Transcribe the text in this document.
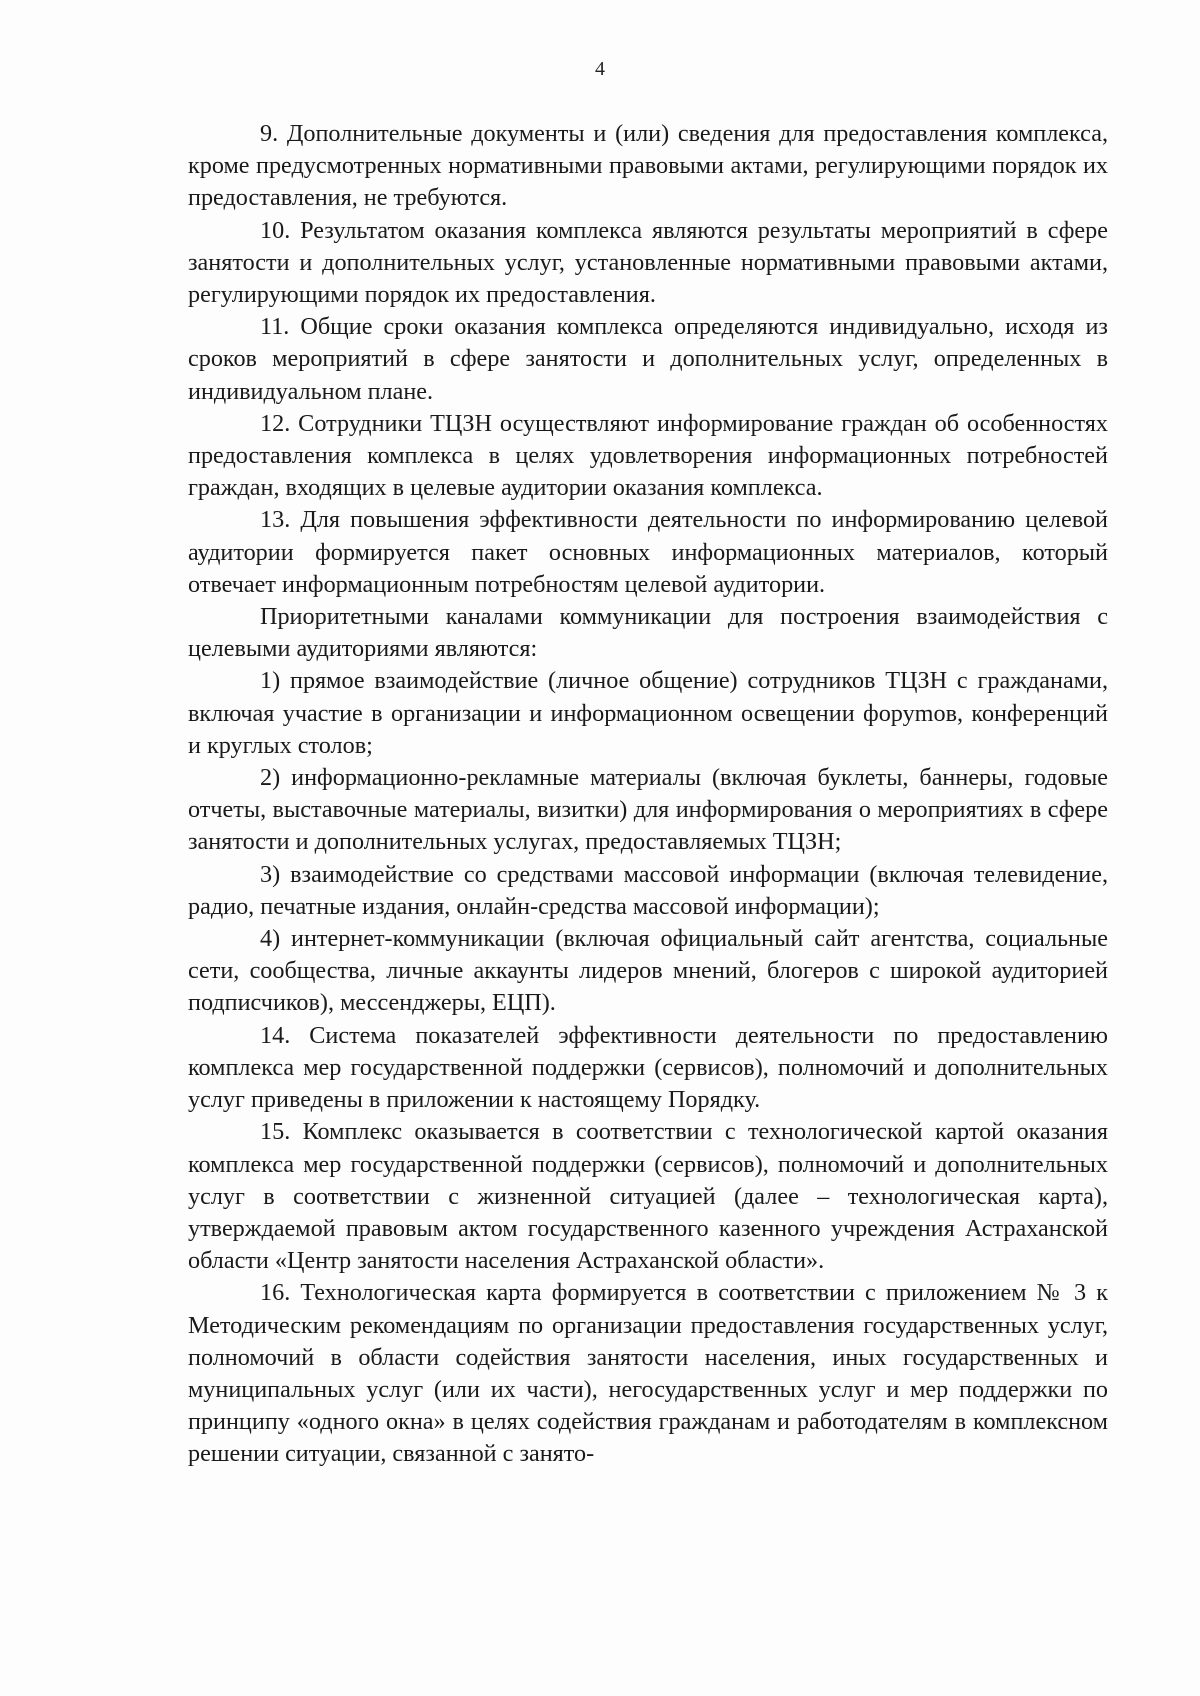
4

9. Дополнительные документы и (или) сведения для предоставления комплекса, кроме предусмотренных нормативными правовыми актами, регулирующими порядок их предоставления, не требуются.

10. Результатом оказания комплекса являются результаты мероприятий в сфере занятости и дополнительных услуг, установленные нормативными правовыми актами, регулирующими порядок их предоставления.

11. Общие сроки оказания комплекса определяются индивидуально, исходя из сроков мероприятий в сфере занятости и дополнительных услуг, определенных в индивидуальном плане.

12. Сотрудники ТЦЗН осуществляют информирование граждан об особенностях предоставления комплекса в целях удовлетворения информационных потребностей граждан, входящих в целевые аудитории оказания комплекса.

13. Для повышения эффективности деятельности по информированию целевой аудитории формируется пакет основных информационных материалов, который отвечает информационным потребностям целевой аудитории.

Приоритетными каналами коммуникации для построения взаимодействия с целевыми аудиториями являются:

1) прямое взаимодействие (личное общение) сотрудников ТЦЗН с гражданами, включая участие в организации и информационном освещении форуmов, конференций и круглых столов;

2) информационно-рекламные материалы (включая буклеты, баннеры, годовые отчеты, выставочные материалы, визитки) для информирования о мероприятиях в сфере занятости и дополнительных услугах, предоставляемых ТЦЗН;

3) взаимодействие со средствами массовой информации (включая телевидение, радио, печатные издания, онлайн-средства массовой информации);

4) интернет-коммуникации (включая официальный сайт агентства, социальные сети, сообщества, личные аккаунты лидеров мнений, блогеров с широкой аудиторией подписчиков), мессенджеры, ЕЦП).

14. Система показателей эффективности деятельности по предоставлению комплекса мер государственной поддержки (сервисов), полномочий и дополнительных услуг приведены в приложении к настоящему Порядку.

15. Комплекс оказывается в соответствии с технологической картой оказания комплекса мер государственной поддержки (сервисов), полномочий и дополнительных услуг в соответствии с жизненной ситуацией (далее – технологическая карта), утверждаемой правовым актом государственного казенного учреждения Астраханской области «Центр занятости населения Астраханской области».

16. Технологическая карта формируется в соответствии с приложением № 3 к Методическим рекомендациям по организации предоставления государственных услуг, полномочий в области содействия занятости населения, иных государственных и муниципальных услуг (или их части), негосударственных услуг и мер поддержки по принципу «одного окна» в целях содействия гражданам и работодателям в комплексном решении ситуации, связанной с занято-
